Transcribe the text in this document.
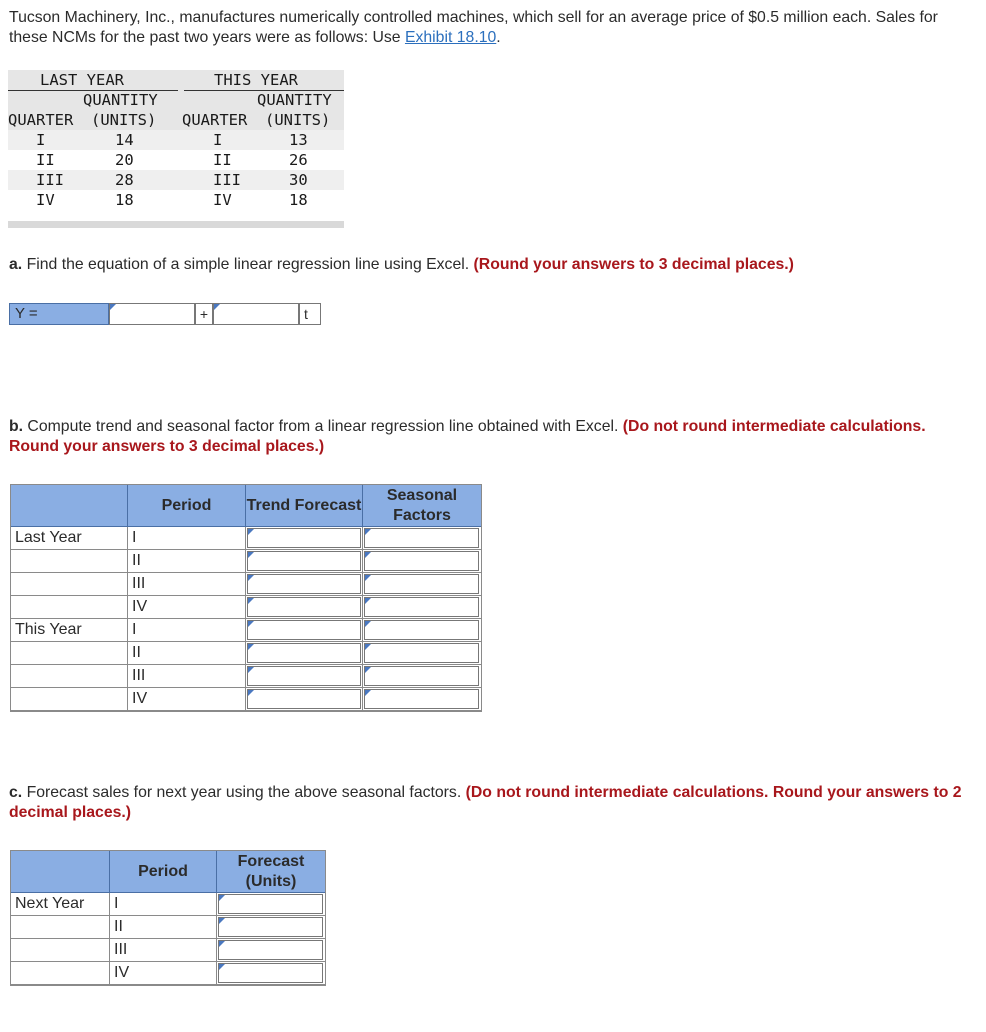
Tucson Machinery, Inc., manufactures numerically controlled machines, which sell for an average price of $0.5 million each. Sales for these NCMs for the past two years were as follows: Use Exhibit 18.10.
LAST YEAR	THIS YEAR
QUANTITY	QUANTITY
QUARTER (UNITS) QUARTER (UNITS)
I	14	I	13
II	20	II	26
III	28	III	30
IV	18	IV	18
a. Find the equation of a simple linear regression line using Excel. (Round your answers to 3 decimal places.)
Y =	+	t
b. Compute trend and seasonal factor from a linear regression line obtained with Excel. (Do not round intermediate calculations. Round your answers to 3 decimal places.)
Period	Trend Forecast
Seasonal Factors
Last Year	I
II
III
IV
This Year	I
II
III
IV
c. Forecast sales for next year using the above seasonal factors. (Do not round intermediate calculations. Round your answers to 2 decimal places.)
Period
Forecast (Units)
Next Year	I
II
III
IV
